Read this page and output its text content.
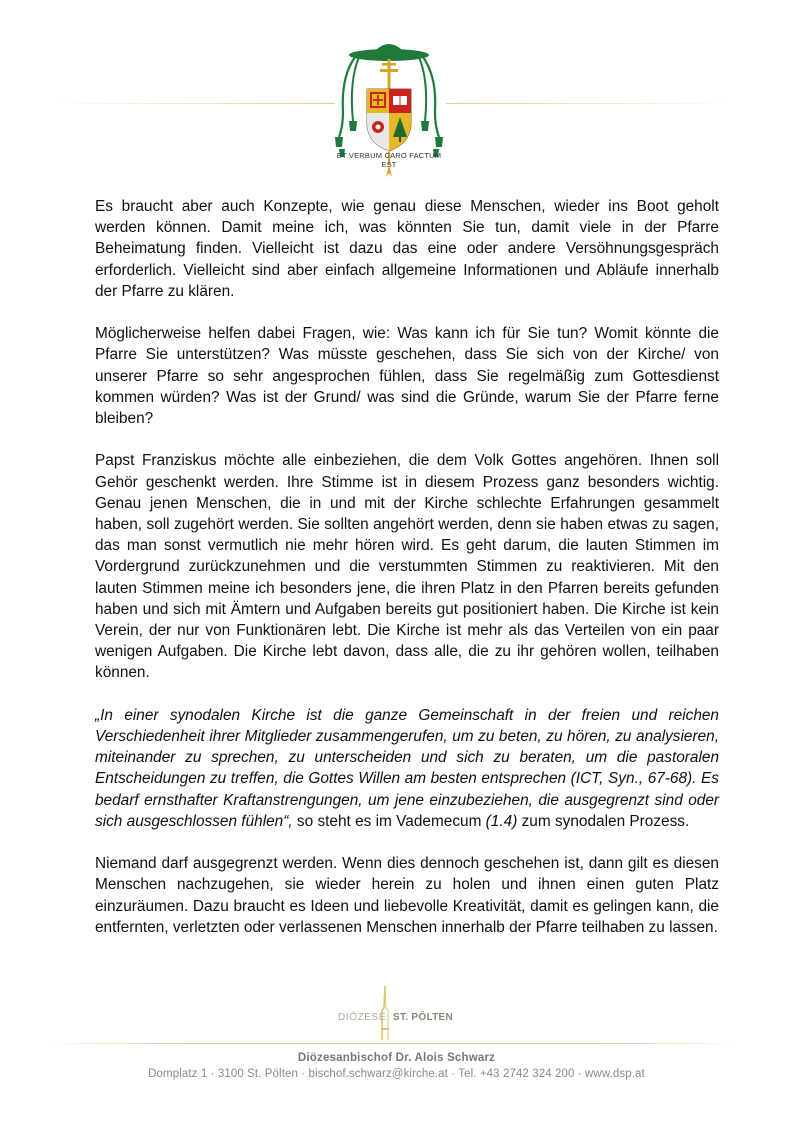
ET VERBUM CARO FACTUM EST

Es braucht aber auch Konzepte, wie genau diese Menschen, wieder ins Boot geholt werden können. Damit meine ich, was könnten Sie tun, damit viele in der Pfarre Beheimatung finden. Vielleicht ist dazu das eine oder andere Versöhnungsgespräch erforderlich. Vielleicht sind aber einfach allgemeine Informationen und Abläufe innerhalb der Pfarre zu klären.

Möglicherweise helfen dabei Fragen, wie: Was kann ich für Sie tun? Womit könnte die Pfarre Sie unterstützen? Was müsste geschehen, dass Sie sich von der Kirche/ von unserer Pfarre so sehr angesprochen fühlen, dass Sie regelmäßig zum Gottesdienst kommen würden? Was ist der Grund/ was sind die Gründe, warum Sie der Pfarre ferne bleiben?

Papst Franziskus möchte alle einbeziehen, die dem Volk Gottes angehören. Ihnen soll Gehör geschenkt werden. Ihre Stimme ist in diesem Prozess ganz besonders wichtig. Genau jenen Menschen, die in und mit der Kirche schlechte Erfahrungen gesammelt haben, soll zugehört werden. Sie sollten angehört werden, denn sie haben etwas zu sagen, das man sonst vermutlich nie mehr hören wird. Es geht darum, die lauten Stimmen im Vordergrund zurückzunehmen und die verstummten Stimmen zu reaktivieren. Mit den lauten Stimmen meine ich besonders jene, die ihren Platz in den Pfarren bereits gefunden haben und sich mit Ämtern und Aufgaben bereits gut positioniert haben. Die Kirche ist kein Verein, der nur von Funktionären lebt. Die Kirche ist mehr als das Verteilen von ein paar wenigen Aufgaben. Die Kirche lebt davon, dass alle, die zu ihr gehören wollen, teilhaben können.

„In einer synodalen Kirche ist die ganze Gemeinschaft in der freien und reichen Verschiedenheit ihrer Mitglieder zusammengerufen, um zu beten, zu hören, zu analysieren, miteinander zu sprechen, zu unterscheiden und sich zu beraten, um die pastoralen Entscheidungen zu treffen, die Gottes Willen am besten entsprechen (ICT, Syn., 67-68). Es bedarf ernsthafter Kraftanstrengungen, um jene einzubeziehen, die ausgegrenzt sind oder sich ausgeschlossen fühlen“, so steht es im Vademecum (1.4) zum synodalen Prozess.

Niemand darf ausgegrenzt werden. Wenn dies dennoch geschehen ist, dann gilt es diesen Menschen nachzugehen, sie wieder herein zu holen und ihnen einen guten Platz einzuräumen. Dazu braucht es Ideen und liebevolle Kreativität, damit es gelingen kann, die entfernten, verletzten oder verlassenen Menschen innerhalb der Pfarre teilhaben zu lassen.

DIÖZESE ST. PÖLTEN
Diözesanbischof Dr. Alois Schwarz
Domplatz 1 · 3100 St. Pölten · bischof.schwarz@kirche.at · Tel. +43 2742 324 200 · www.dsp.at
